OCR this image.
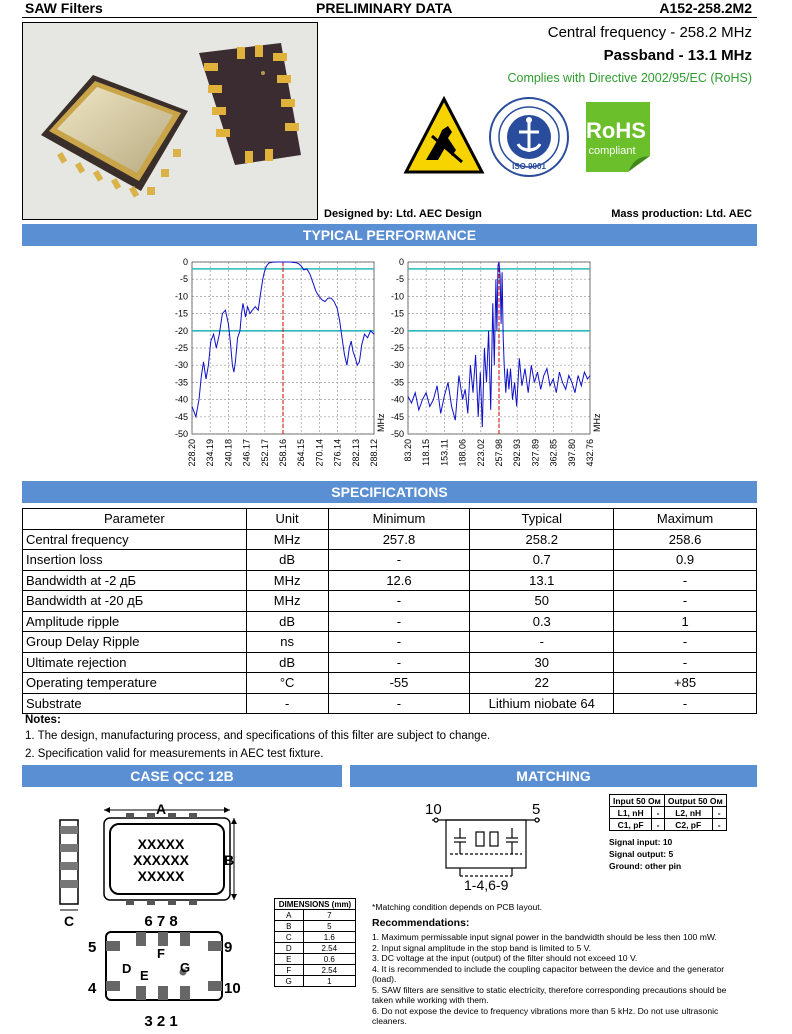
SAW Filters	PRELIMINARY DATA	A152-258.2M2
Central frequency - 258.2 MHz
Passband - 13.1 MHz
Complies with Directive 2002/95/EC (RoHS)
ISO 9001
RoHS
compliant
Designed by: Ltd. AEC Design	Mass production: Ltd. AEC
TYPICAL PERFORMANCE
228.20 234.19 240.18 246.17 252.17 258.16 264.15 270.14 276.14 282.13 288.12
0
-5
-10
-15
-20
-25
-30
-35
-40
-45
-50
MHz
83.20 118.15 153.11 188.06 223.02 257.98 292.93 327.89 362.85 397.80 432.76
0
-5
-10
-15
-20
-25
-30
-35
-40
-45
-50
MHz
SPECIFICATIONS
Parameter	Unit	Minimum	Typical	Maximum
Central frequency	MHz	257.8	258.2	258.6
Insertion loss	dB	-	0.7	0.9
Bandwidth at -2 дБ	MHz	12.6	13.1	-
Bandwidth at -20 дБ	MHz	-	50	-
Amplitude ripple	dB	-	0.3	1
Group Delay Ripple	ns	-	-	-
Ultimate rejection	dB	-	30	-
Operating temperature	°C	-55	22	+85
Substrate	-	-	Lithium niobate 64	-
Notes:
1. The design, manufacturing process, and specifications of this filter are subject to change.
2. Specification valid for measurements in AEC test fixture.
CASE QCC 12B	MATCHING
A
XXXXX
XXXXXX
XXXXX
B
C	6 7 8
5	9
4	10
D E
F
G
3 2 1
DIMENSIONS (mm)	
A	7
B	5
C	1.6
D	2.54
E	0.6
F	2.54
G	1
10	5
1-4,6-9
Input 50 Ом		Output 50 Ом	
L1, nH	-	L2, nH	-
C1, pF	-	C2, pF	-
Signal input: 10
Signal output: 5
Ground: other pin
*Matching condition depends on PCB layout.
Recommendations:
1. Maximum permissable input signal power in the bandwidth should be less then 100 mW.
2. Input signal amplitude in the stop band is limited to 5 V.
3. DC voltage at the input (output) of the filter should not exceed 10 V.
4. It is recommended to include the coupling capacitor between the device and the generator (load).
5. SAW filters are sensitive to static electricity, therefore corresponding precautions should be taken while working with them.
6. Do not expose the device to frequency vibrations more than 5 kHz. Do not use ultrasonic cleaners.
